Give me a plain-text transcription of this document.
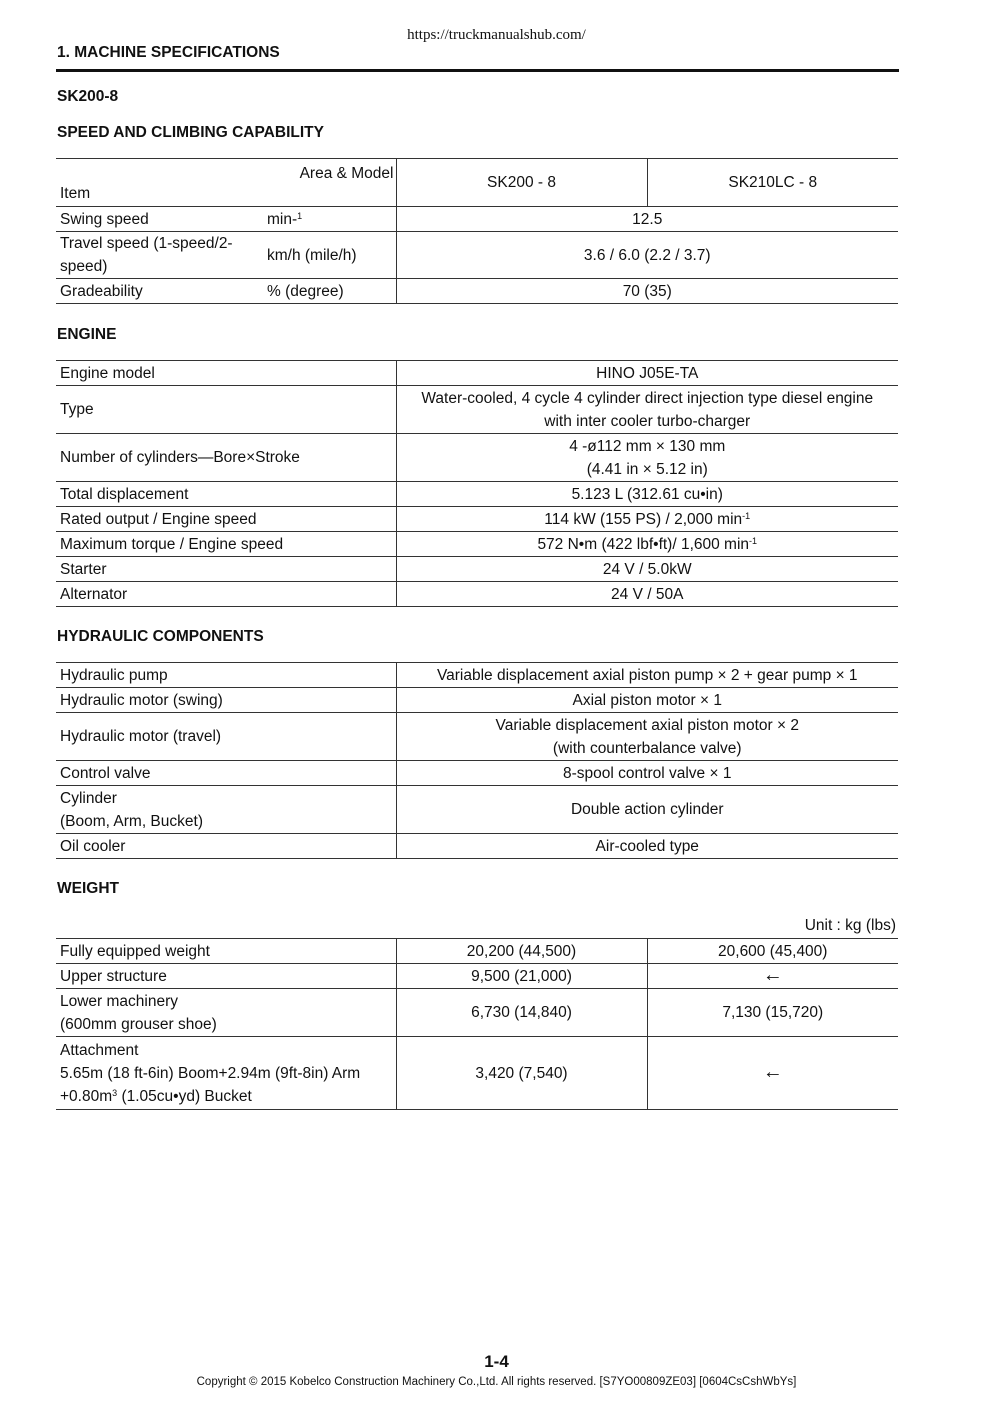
https://truckmanualshub.com/
1. MACHINE SPECIFICATIONS
SK200-8
SPEED AND CLIMBING CAPABILITY
Area & Model
Item		SK200 - 8	SK210LC - 8
Swing speed	min-$^1$	12.5	
Travel speed (1-speed/2-speed)	km/h (mile/h)	3.6 / 6.0 (2.2 / 3.7)	
Gradeability	% (degree)	70 (35)	
ENGINE
Engine model	HINO J05E-TA
Type	Water-cooled, 4 cycle 4 cylinder direct injection type diesel engine
with inter cooler turbo-charger

Number of cylinders—Bore×Stroke	4 -ø112 mm × 130 mm
(4.41 in × 5.12 in)

Total displacement	5.123 L (312.61 cu•in)
Rated output / Engine speed	114 kW (155 PS) / 2,000 $\min^{-1}$
Maximum torque / Engine speed	572 N•m (422 lbf•ft)/ 1,600 $\min^{-1}$
Starter	24 V / 5.0kW
Alternator	24 V / 50A
HYDRAULIC COMPONENTS
Hydraulic pump	Variable displacement axial piston pump × 2 + gear pump × 1
Hydraulic motor (swing)	Axial piston motor × 1
Hydraulic motor (travel)	Variable displacement axial piston motor × 2
(with counterbalance valve)

Control valve	8-spool control valve × 1

Cylinder
(Boom, Arm, Bucket)	Double action cylinder
Oil cooler	Air-cooled type
WEIGHT
Unit : kg (lbs)
Fully equipped weight	20,200 (44,500)	20,600 (45,400)
Upper structure	9,500 (21,000)	←

Lower machinery
(600mm grouser shoe)	6,730 (14,840)	7,130 (15,720)

Attachment
5.65m (18 ft-6in) Boom+2.94m (9ft-8in) Arm
$+0.80m^3$ (1.05cu•yd) Bucket	3,420 (7,540)	←
1-4
Copyright © 2015 Kobelco Construction Machinery Co.,Ltd. All rights reserved. [S7YO00809ZE03] [0604CsCshWbYs]
